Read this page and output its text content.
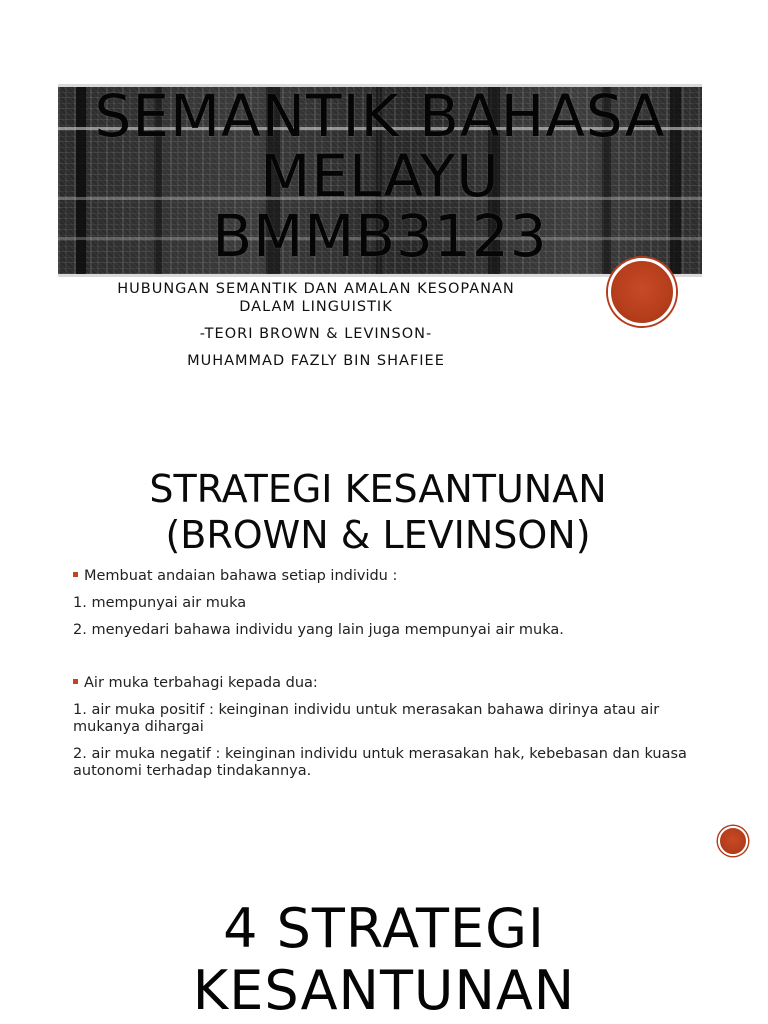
SEMANTIK BAHASA
MELAYU
BMMB3123
HUBUNGAN SEMANTIK DAN AMALAN KESOPANAN
DALAM LINGUISTIK
-TEORI BROWN & LEVINSON-
MUHAMMAD FAZLY BIN SHAFIEE
STRATEGI KESANTUNAN
(BROWN & LEVINSON)

Membuat andaian bahawa setiap individu :

1. mempunyai air muka

2. menyedari bahawa individu yang lain juga mempunyai air muka.

Air muka terbahagi kepada dua:

1. air muka positif : keinginan individu untuk merasakan bahawa dirinya atau air mukanya dihargai

2. air muka negatif : keinginan individu untuk merasakan hak, kebebasan dan kuasa autonomi terhadap tindakannya.

4 STRATEGI
KESANTUNAN
